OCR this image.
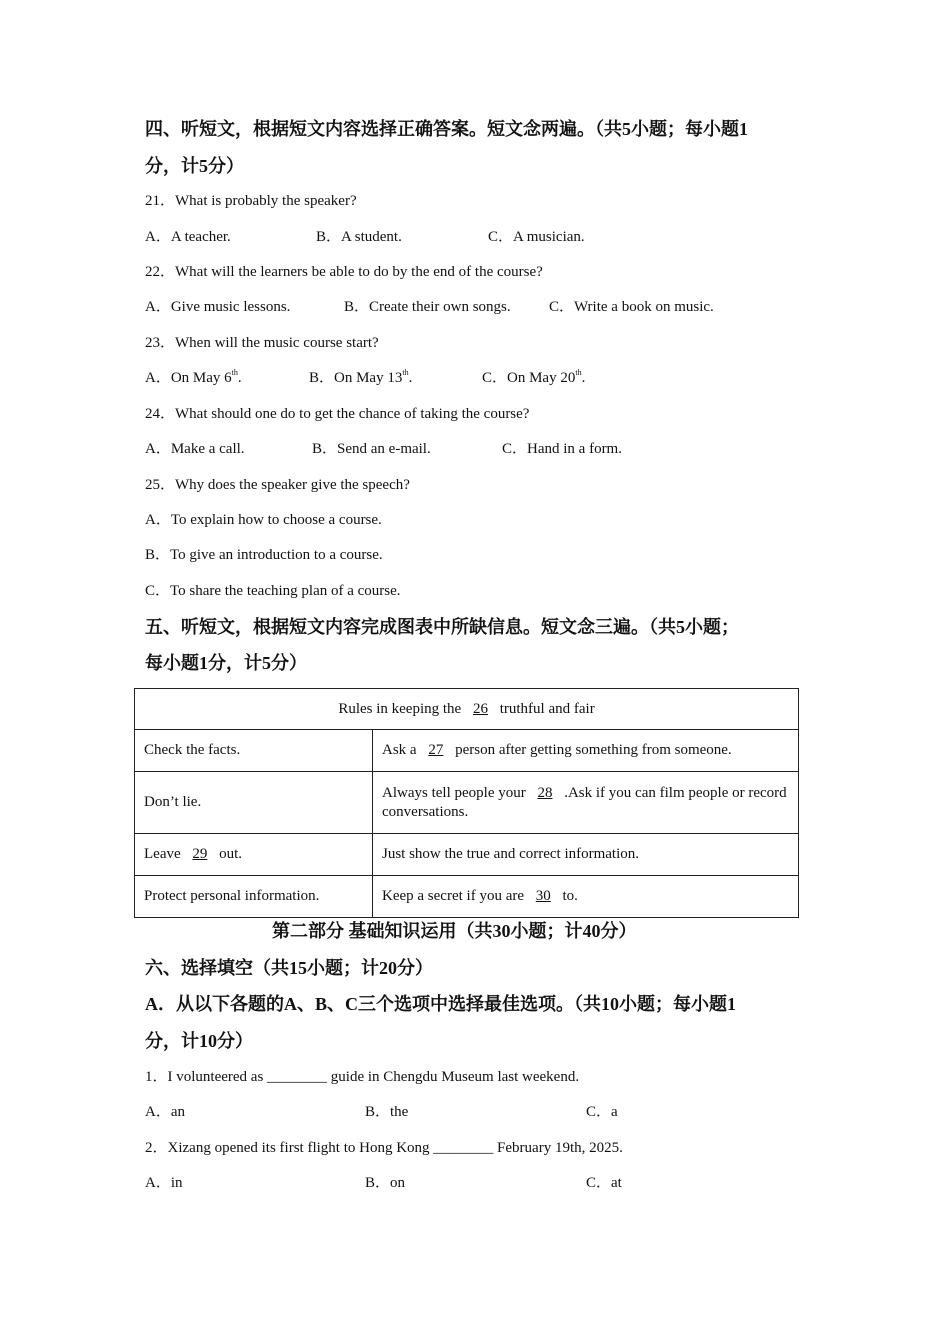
四、听短文，根据短文内容选择正确答案。短文念两遍。（共5小题；每小题1
分，计5分）
21．What is probably the speaker?
A．A teacher.	B．A student.	C．A musician.
22．What will the learners be able to do by the end of the course?
A．Give music lessons.	B．Create their own songs.	C．Write a book on music.
23．When will the music course start?
A．On May 6th.	B．On May 13th.	C．On May 20th.
24．What should one do to get the chance of taking the course?
A．Make a call.	B．Send an e-mail.	C．Hand in a form.
25．Why does the speaker give the speech?
A．To explain how to choose a course.
B．To give an introduction to a course.
C．To share the teaching plan of a course.
五、听短文，根据短文内容完成图表中所缺信息。短文念三遍。（共5小题；
每小题1分，计5分）
Rules in keeping the 26 truthful and fair	
Check the facts.	Ask a 27 person after getting something from someone.
Don’t lie.	Always tell people your 28 .Ask if you can film people or record conversations.
Leave 29 out.	Just show the true and correct information.
Protect personal information.	Keep a secret if you are 30 to.
第二部分 基础知识运用（共30小题；计40分）
六、选择填空（共15小题；计20分）
A．从以下各题的A、B、C三个选项中选择最佳选项。（共10小题；每小题1
分，计10分）
1．I volunteered as ________ guide in Chengdu Museum last weekend.
A．an	B．the	C．a
2．Xizang opened its first flight to Hong Kong ________ February 19th, 2025.
A．in	B．on	C．at
